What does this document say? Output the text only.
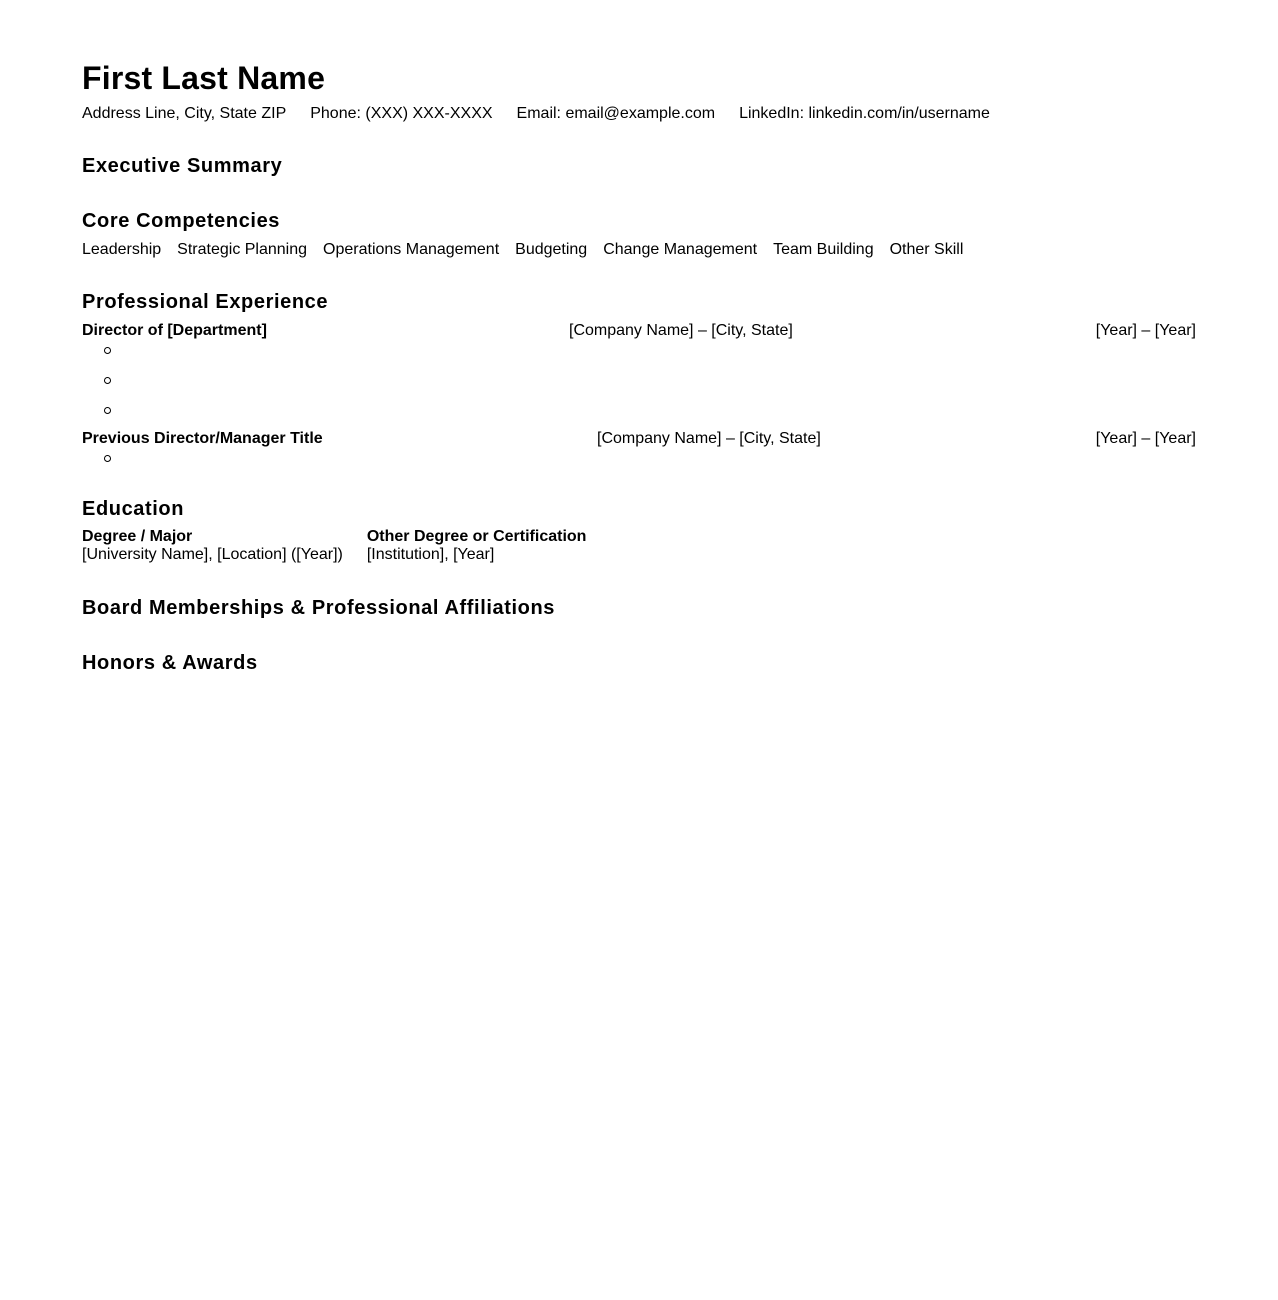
First Last Name
Address Line, City, State ZIP Phone: (XXX) XXX-XXXX Email: email@example.com LinkedIn: linkedin.com/in/username
Executive Summary
Core Competencies
Leadership Strategic Planning Operations Management Budgeting Change Management Team Building Other Skill
Professional Experience
Director of [Department]	[Company Name] – [City, State]	[Year] – [Year]
Previous Director/Manager Title	[Company Name] – [City, State]	[Year] – [Year]
Education
Degree / Major
[University Name], [Location] ([Year])
Other Degree or Certification
[Institution], [Year]
Board Memberships & Professional Affiliations
Honors & Awards
